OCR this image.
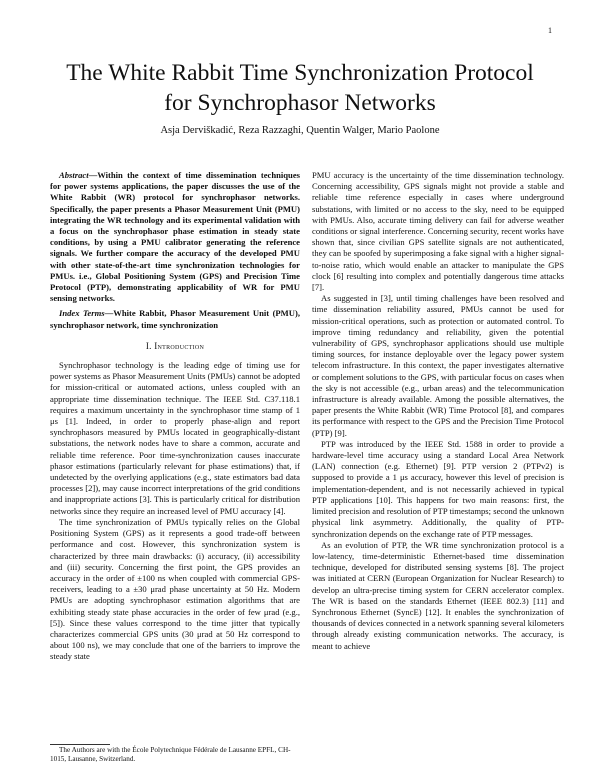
1
The White Rabbit Time Synchronization Protocol
for Synchrophasor Networks
Asja Derviškadić, Reza Razzaghi, Quentin Walger, Mario Paolone

Abstract—Within the context of time dissemination techniques for power systems applications, the paper discusses the use of the White Rabbit (WR) protocol for synchrophasor networks. Specifically, the paper presents a Phasor Measurement Unit (PMU) integrating the WR technology and its experimental validation with a focus on the synchrophasor phase estimation in steady state conditions, by using a PMU calibrator generating the reference signals. We further compare the accuracy of the developed PMU with other state-of-the-art time synchronization technologies for PMUs. i.e., Global Positioning System (GPS) and Precision Time Protocol (PTP), demonstrating applicability of WR for PMU sensing networks.

Index Terms—White Rabbit, Phasor Measurement Unit (PMU), synchrophasor network, time synchronization

I. Introduction

Synchrophasor technology is the leading edge of timing use for power systems as Phasor Measurement Units (PMUs) cannot be adopted for mission-critical or automated actions, unless coupled with an appropriate time dissemination technique. The IEEE Std. C37.118.1 requires a maximum uncertainty in the synchrophasor time stamp of 1 μs [1]. Indeed, in order to properly phase-align and report synchrophasors measured by PMUs located in geographically-distant substations, the network nodes have to share a common, accurate and reliable time reference. Poor time-synchronization causes inaccurate phasor estimations (particularly relevant for phase estimations) that, if undetected by the overlying applications (e.g., state estimators bad data processes [2]), may cause incorrect interpretations of the grid conditions and inappropriate actions [3]. This is particularly critical for distribution networks since they require an increased level of PMU accuracy [4].

The time synchronization of PMUs typically relies on the Global Positioning System (GPS) as it represents a good trade-off between performance and cost. However, this synchronization system is characterized by three main drawbacks: (i) accuracy, (ii) accessibility and (iii) security. Concerning the first point, the GPS provides an accuracy in the order of ±100 ns when coupled with commercial GPS-receivers, leading to a ±30 μrad phase uncertainty at 50 Hz. Modern PMUs are adopting synchrophasor estimation algorithms that are exhibiting steady state phase accuracies in the order of few μrad (e.g., [5]). Since these values correspond to the time jitter that typically characterizes commercial GPS units (30 μrad at 50 Hz correspond to about 100 ns), we may conclude that one of the barriers to improve the steady state

PMU accuracy is the uncertainty of the time dissemination technology. Concerning accessibility, GPS signals might not provide a stable and reliable time reference especially in cases where underground substations, with limited or no access to the sky, need to be equipped with PMUs. Also, accurate timing delivery can fail for adverse weather conditions or signal interference. Concerning security, recent works have shown that, since civilian GPS satellite signals are not authenticated, they can be spoofed by superimposing a fake signal with a higher signal-to-noise ratio, which would enable an attacker to manipulate the GPS clock [6] resulting into complex and potentially dangerous time attacks [7].

As suggested in [3], until timing challenges have been resolved and time dissemination reliability assured, PMUs cannot be used for mission-critical operations, such as protection or automated control. To improve timing redundancy and reliability, given the potential vulnerability of GPS, synchrophasor applications should use multiple timing sources, for instance deployable over the legacy power system telecom infrastructure. In this context, the paper investigates alternative or complement solutions to the GPS, with particular focus on cases when the sky is not accessible (e.g., urban areas) and the telecommunication infrastructure is already available. Among the possible alternatives, the paper presents the White Rabbit (WR) Time Protocol [8], and compares its performance with respect to the GPS and the Precision Time Protocol (PTP) [9].

PTP was introduced by the IEEE Std. 1588 in order to provide a hardware-level time accuracy using a standard Local Area Network (LAN) connection (e.g. Ethernet) [9]. PTP version 2 (PTPv2) is supposed to provide a 1 μs accuracy, however this level of precision is implementation-dependent, and is not necessarily achieved in typical PTP applications [10]. This happens for two main reasons: first, the limited precision and resolution of PTP timestamps; second the unknown physical link asymmetry. Additionally, the quality of PTP-synchronization depends on the exchange rate of PTP messages.

As an evolution of PTP, the WR time synchronization protocol is a low-latency, time-deterministic Ethernet-based time dissemination technique, developed for distributed sensing systems [8]. The project was initiated at CERN (European Organization for Nuclear Research) to develop an ultra-precise timing system for CERN accelerator complex. The WR is based on the standards Ethernet (IEEE 802.3) [11] and Synchronous Ethernet (SyncE) [12]. It enables the synchronization of thousands of devices connected in a network spanning several kilometers through already existing communication networks. The accuracy, is meant to achieve

The Authors are with the École Polytechnique Fédérale de Lausanne EPFL, CH-1015, Lausanne, Switzerland.
